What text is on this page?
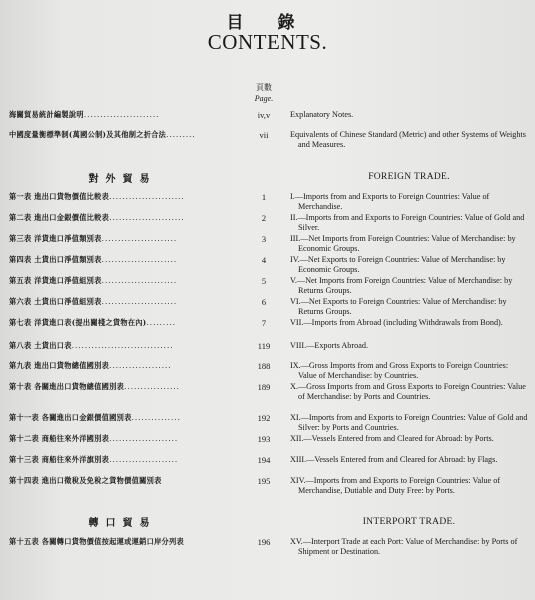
目 錄
CONTENTS.
頁數
Page.
海關貿易統計編製說明.......................	iv,v	Explanatory Notes.
中國度量衡標準制(萬國公制)及其他制之折合法.........	vii	Equivalents of Chinese Standard (Metric) and other Systems of Weights and Measures.
對外貿易	FOREIGN TRADE.
第一表 進出口貨物價值比較表.......................	1	I.—Imports from and Exports to Foreign Countries: Value of Merchandise.
第二表 進出口金銀價值比較表.......................	2	II.—Imports from and Exports to Foreign Countries: Value of Gold and Silver.
第三表 洋貨進口淨值類別表.......................	3	III.—Net Imports from Foreign Countries: Value of Merchandise: by Economic Groups.
第四表 土貨出口淨值類別表.......................	4	IV.—Net Exports to Foreign Countries: Value of Merchandise: by Economic Groups.
第五表 洋貨進口淨值組別表.......................	5	V.—Net Imports from Foreign Countries: Value of Merchandise: by Returns Groups.
第六表 土貨出口淨值組別表.......................	6	VI.—Net Exports to Foreign Countries: Value of Merchandise: by Returns Groups.
第七表 洋貨進口表(提出關棧之貨物在內).........	7	VII.—Imports from Abroad (including Withdrawals from Bond).
第八表 土貨出口表...............................	119	VIII.—Exports Abroad.
第九表 進出口貨物總值國別表...................	188	IX.—Gross Imports from and Gross Exports to Foreign Countries: Value of Merchandise: by Countries.
第十表 各關進出口貨物總值國別表.................	189	X.—Gross Imports from and Gross Exports to Foreign Countries: Value of Merchandise: by Ports and Countries.
第十一表 各關進出口金銀價值國別表...............	192	XI.—Imports from and Exports to Foreign Countries: Value of Gold and Silver: by Ports and Countries.
第十二表 商船往來外洋國別表.....................	193	XII.—Vessels Entered from and Cleared for Abroad: by Ports.
第十三表 商船往來外洋旗別表.....................	194	XIII.—Vessels Entered from and Cleared for Abroad: by Flags.
第十四表 進出口徵稅及免稅之貨物價值關別表	195	XIV.—Imports from and Exports to Foreign Countries: Value of Merchandise, Dutiable and Duty Free: by Ports.
轉口貿易	INTERPORT TRADE.
第十五表 各關轉口貨物價值按起運或運銷口岸分列表	196	XV.—Interport Trade at each Port: Value of Merchandise: by Ports of Shipment or Destination.
